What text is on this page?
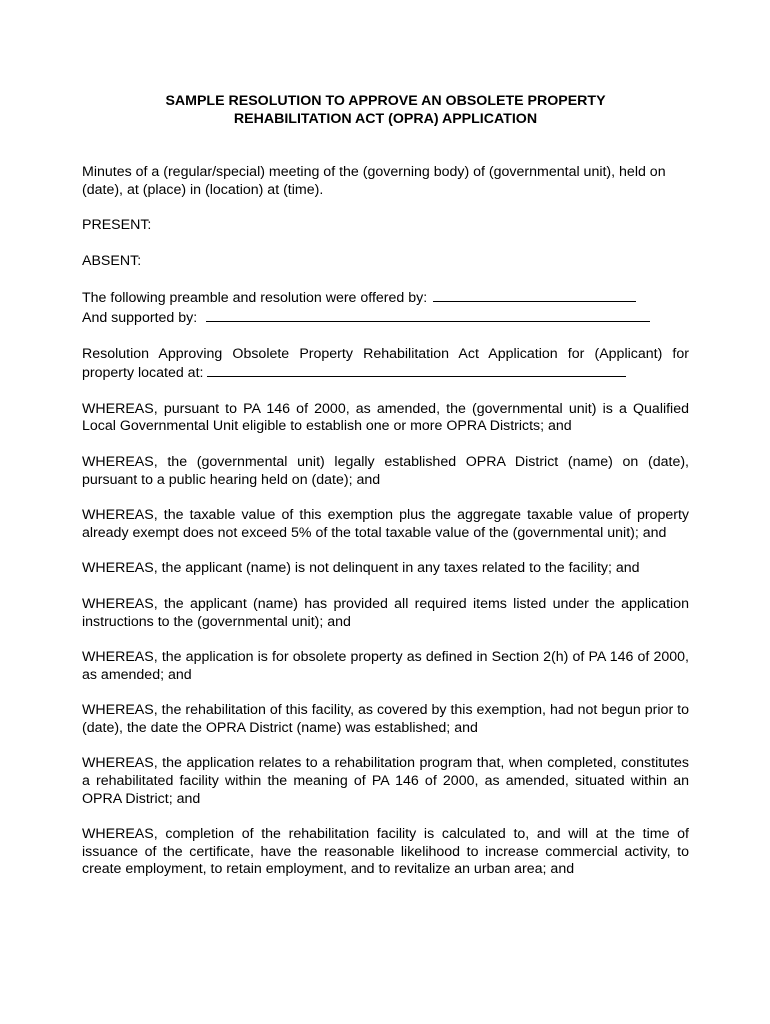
SAMPLE RESOLUTION TO APPROVE AN OBSOLETE PROPERTY
REHABILITATION ACT (OPRA) APPLICATION

Minutes of a (regular/special) meeting of the (governing body) of (governmental unit), held on (date), at (place) in (location) at (time).

PRESENT:

ABSENT:

The following preamble and resolution were offered by:

And supported by:

Resolution Approving Obsolete Property Rehabilitation Act Application for (Applicant) for property located at:

WHEREAS, pursuant to PA 146 of 2000, as amended, the (governmental unit) is a Qualified Local Governmental Unit eligible to establish one or more OPRA Districts; and

WHEREAS, the (governmental unit) legally established OPRA District (name) on (date), pursuant to a public hearing held on (date); and

WHEREAS, the taxable value of this exemption plus the aggregate taxable value of property already exempt does not exceed 5% of the total taxable value of the (governmental unit); and

WHEREAS, the applicant (name) is not delinquent in any taxes related to the facility; and

WHEREAS, the applicant (name) has provided all required items listed under the application instructions to the (governmental unit); and

WHEREAS, the application is for obsolete property as defined in Section 2(h) of PA 146 of 2000, as amended; and

WHEREAS, the rehabilitation of this facility, as covered by this exemption, had not begun prior to (date), the date the OPRA District (name) was established; and

WHEREAS, the application relates to a rehabilitation program that, when completed, constitutes a rehabilitated facility within the meaning of PA 146 of 2000, as amended, situated within an OPRA District; and

WHEREAS, completion of the rehabilitation facility is calculated to, and will at the time of issuance of the certificate, have the reasonable likelihood to increase commercial activity, to create employment, to retain employment, and to revitalize an urban area; and
